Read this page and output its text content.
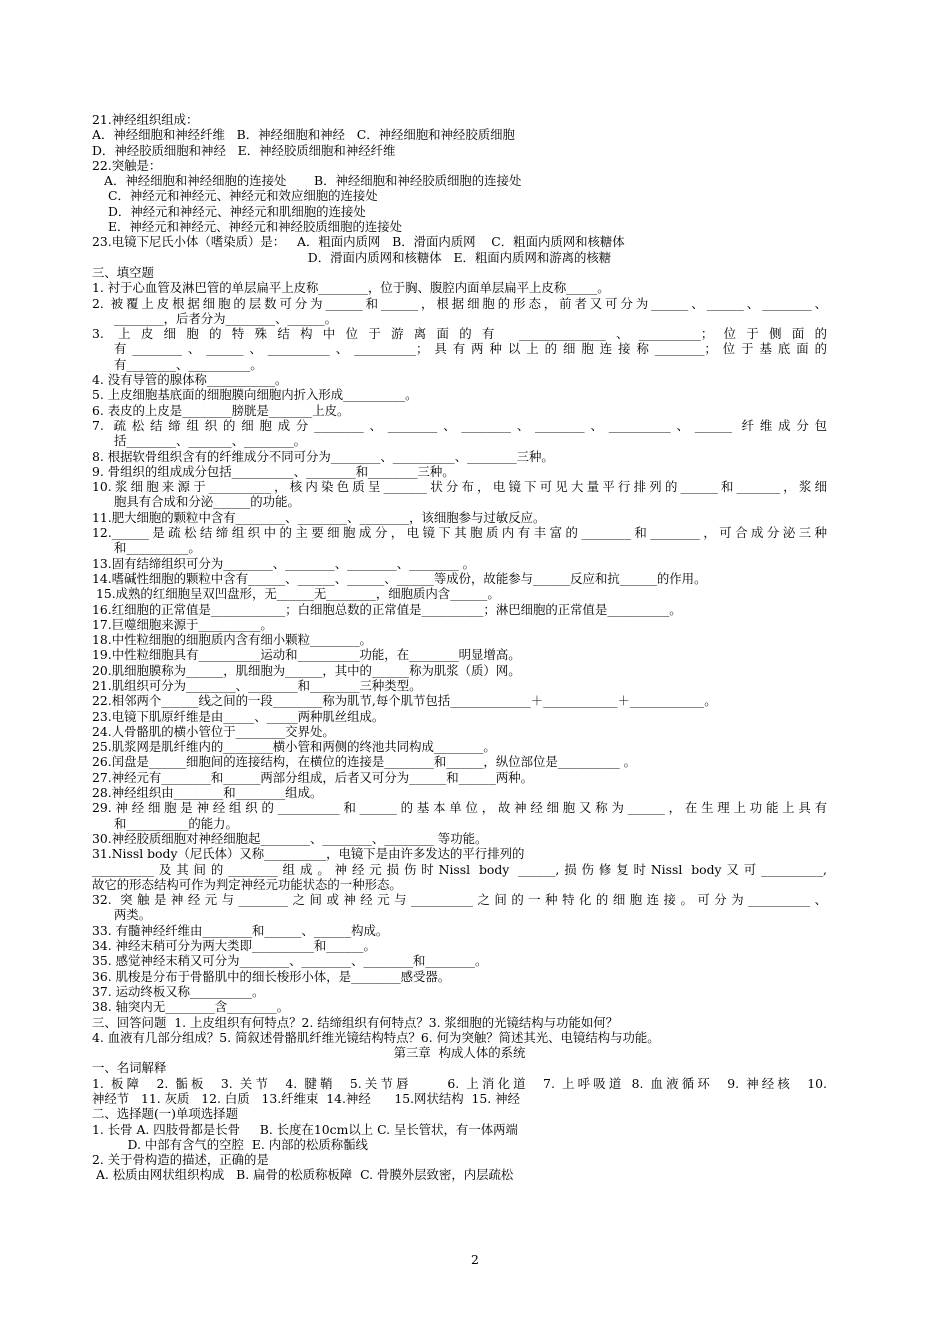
21.神经组织组成：
A．神经细胞和神经纤维   B．神经细胞和神经   C．神经细胞和神经胶质细胞
D．神经胶质细胞和神经   E．神经胶质细胞和神经纤维
22.突触是：
A．神经细胞和神经细胞的连接处       B．神经细胞和神经胶质细胞的连接处
C．神经元和神经元、神经元和效应细胞的连接处
D．神经元和神经元、神经元和肌细胞的连接处
E．神经元和神经元、神经元和神经胶质细胞的连接处
23.电镜下尼氏小体（嗜染质）是：   A．粗面内质网   B．滑面内质网    C．粗面内质网和核糖体
D．滑面内质网和核糖体   E．粗面内质网和游离的核糖
三、填空题
1. 衬于心血管及淋巴管的单层扁平上皮称________，位于胸、腹腔内面单层扁平上皮称_____。
2. 被覆上皮根据细胞的层数可分为______和______，根据细胞的形态，前者又可分为______、______、________、
________，后者分为________、______。
3. 上皮细胞的特殊结构中位于游离面的有 ______________、__________；位于侧面的
有________、______、__________、__________；具有两种以上的细胞连接称________；位于基底面的
有________、__________。
4. 没有导管的腺体称___________。
5. 上皮细胞基底面的细胞膜向细胞内折入形成__________。
6. 表皮的上皮是________膀胱是_______上皮。
7. 疏松结缔组织的细胞成分________、________、________、________、__________、______ 纤维成分包
括________、_______、________。
8. 根据软骨组织含有的纤维成分不同可分为________、__________、________三种。
9. 骨组织的组成成分包括__________、________和________三种。
10.浆细胞来源于__________，核内染色质呈_______状分布，电镜下可见大量平行排列的______和_______，浆细
胞具有合成和分泌______的功能。
11.肥大细胞的颗粒中含有________、________、________，该细胞参与过敏反应。
12.______是疏松结缔组织中的主要细胞成分，电镜下其胞质内有丰富的________和________，可合成分泌三种
和__________。
13.固有结缔组织可分为________、________、________、________ 。
14.嗜碱性细胞的颗粒中含有______、______、______、______等成份，故能参与______反应和抗______的作用。
15.成熟的红细胞呈双凹盘形，无______无________，细胞质内含______。
16.红细胞的正常值是____________；白细胞总数的正常值是__________；淋巴细胞的正常值是__________。
17.巨噬细胞来源于__________。
18.中性粒细胞的细胞质内含有细小颗粒________。
19.中性粒细胞具有__________运动和__________功能，在________明显增高。
20.肌细胞膜称为______，肌细胞为______，其中的______称为肌浆（质）网。
21.肌组织可分为________、________和________三种类型。
22.相邻两个______线之间的一段________称为肌节,每个肌节包括_____________＋____________＋____________。
23.电镜下肌原纤维是由_____、_____两种肌丝组成。
24.人骨骼肌的横小管位于________交界处。
25.肌浆网是肌纤维内的________横小管和两侧的终池共同构成________。
26.闰盘是______细胞间的连接结构，在横位的连接是________和______，纵位部位是__________ 。
27.神经元有________和______两部分组成，后者又可分为______和______两种。
28.神经组织由________和________组成。
29.神经细胞是神经组织的__________和______的基本单位，故神经细胞又称为______，在生理上功能上具有
和__________的能力。
30.神经胶质细胞对神经细胞起________、________、________ 等功能。
31.Nissl body（尼氏体）又称__________，电镜下是由许多发达的平行排列的
__________及其间的________组成。神经元损伤时Nissl body ______,损伤修复时Nissl body又可__________,
故它的形态结构可作为判定神经元功能状态的一种形态。
32. 突触是神经元与________之间或神经元与__________之间的一种特化的细胞连接。可分为__________、
两类。
33. 有髓神经纤维由________和______、______构成。
34. 神经末稍可分为两大类即__________和______。
35. 感觉神经末稍又可分为________、________、________和________。
36. 肌梭是分布于骨骼肌中的细长梭形小体，是________感受器。
37. 运动终板又称__________。
38. 轴突内无________含________。
三、回答问题  1. 上皮组织有何特点？2. 结缔组织有何特点？3. 浆细胞的光镜结构与功能如何？
4. 血液有几部分组成？5. 简叙述骨骼肌纤维光镜结构特点？6. 何为突触？简述其光、电镜结构与功能。
第三章  构成人体的系统
一、名词解释
1. 板障  2. 骺板  3. 关节  4. 腱鞘  5.关节唇     6. 上消化道  7. 上呼吸道 8. 血液循环  9. 神经核  10.
神经节   11. 灰质   12. 白质   13.纤维束  14.神经      15.网状结构  15. 神经
二、选择题(一)单项选择题
1. 长骨 A. 四肢骨都是长骨     B. 长度在10cm以上 C. 呈长管状，有一体两端
D. 中部有含气的空腔  E. 内部的松质称骺线
2. 关于骨构造的描述，正确的是
A. 松质由网状组织构成   B. 扁骨的松质称板障  C. 骨膜外层致密，内层疏松
2
